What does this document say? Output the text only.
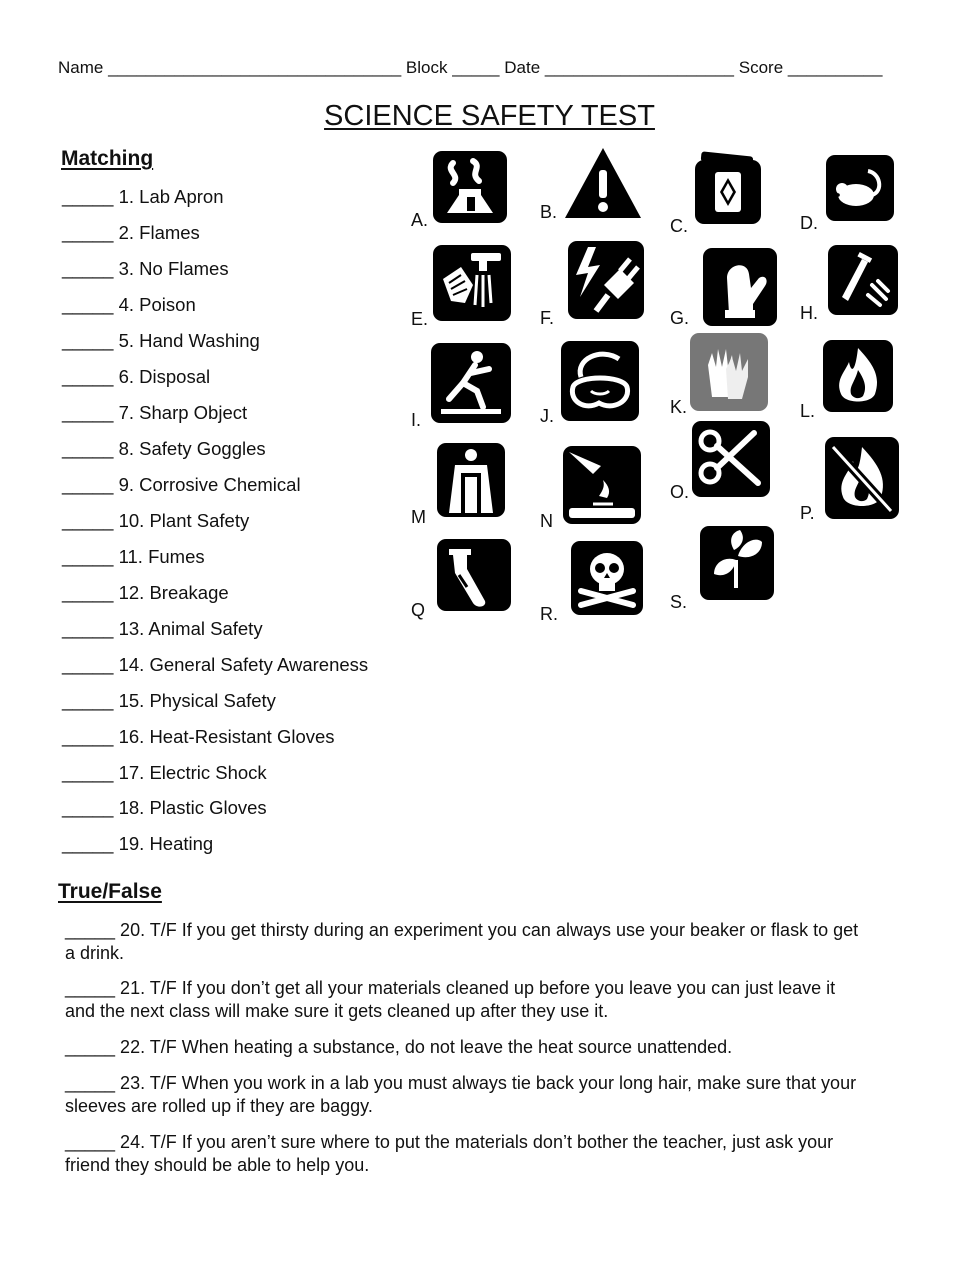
Name _______________________________ Block _____ Date ____________________ Score __________
SCIENCE SAFETY TEST
Matching
_____ 1. Lab Apron
_____ 2. Flames
_____ 3. No Flames
_____ 4. Poison
_____ 5. Hand Washing
_____ 6. Disposal
_____ 7. Sharp Object
_____ 8. Safety Goggles
_____ 9. Corrosive Chemical
_____ 10. Plant Safety
_____ 11. Fumes
_____ 12. Breakage
_____ 13. Animal Safety
_____ 14. General Safety Awareness
_____ 15. Physical Safety
_____ 16. Heat-Resistant Gloves
_____ 17. Electric Shock
_____ 18. Plastic Gloves
_____ 19. Heating
A.	B.
C.	D.
E.	F.	G.	H.
I.	J.	K.	L.
M	N
O.
P.
Q	R.
S.
True/False
_____ 20. T/F If you get thirsty during an experiment you can always use your beaker or flask to get
a drink.
_____ 21. T/F If you don’t get all your materials cleaned up before you leave you can just leave it
and the next class will make sure it gets cleaned up after they use it.
_____ 22. T/F When heating a substance, do not leave the heat source unattended.
_____ 23. T/F When you work in a lab you must always tie back your long hair, make sure that your
sleeves are rolled up if they are baggy.
_____ 24. T/F If you aren’t sure where to put the materials don’t bother the teacher, just ask your
friend they should be able to help you.
